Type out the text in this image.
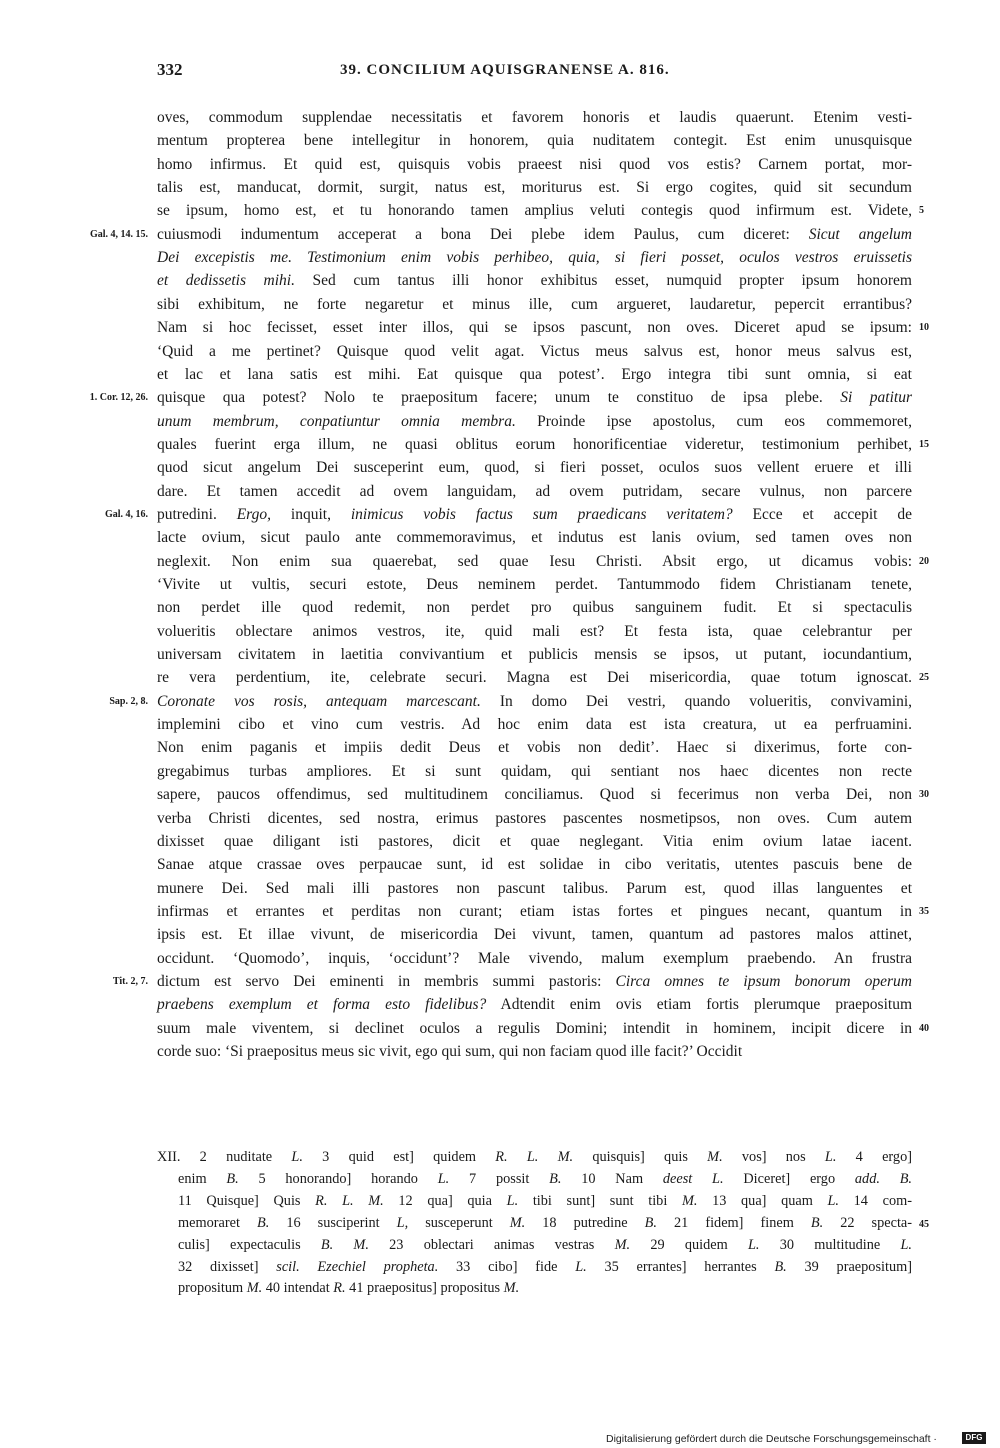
332	39. CONCILIUM AQUISGRANENSE A. 816.
oves, commodum supplendae necessitatis et favorem honoris et laudis quaerunt. Etenim vesti-
mentum propterea bene intellegitur in honorem, quia nuditatem contegit. Est enim unusquisque
homo infirmus. Et quid est, quisquis vobis praeest nisi quod vos estis? Carnem portat, mor-
talis est, manducat, dormit, surgit, natus est, moriturus est. Si ergo cogites, quid sit secundum
se ipsum, homo est, et tu honorando tamen amplius veluti contegis quod infirmum est. Videte, 5
cuiusmodi indumentum acceperat a bona Dei plebe idem Paulus, cum diceret: Sicut angelum
Gal. 4, 14. 15.
Dei excepistis me. Testimonium enim vobis perhibeo, quia, si fieri posset, oculos vestros eruissetis
et dedissetis mihi. Sed cum tantus illi honor exhibitus esset, numquid propter ipsum honorem
sibi exhibitum, ne forte negaretur et minus ille, cum argueret, laudaretur, pepercit errantibus?
Nam si hoc fecisset, esset inter illos, qui se ipsos pascunt, non oves. Diceret apud se ipsum: 10
‘Quid a me pertinet? Quisque quod velit agat. Victus meus salvus est, honor meus salvus est,
et lac et lana satis est mihi. Eat quisque qua potest’. Ergo integra tibi sunt omnia, si eat
quisque qua potest? Nolo te praepositum facere; unum te constituo de ipsa plebe. Si patitur
1. Cor. 12, 26.
unum membrum, conpatiuntur omnia membra. Proinde ipse apostolus, cum eos commemoret,
quales fuerint erga illum, ne quasi oblitus eorum honorificentiae videretur, testimonium perhibet, 15
quod sicut angelum Dei susceperint eum, quod, si fieri posset, oculos suos vellent eruere et illi
dare. Et tamen accedit ad ovem languidam, ad ovem putridam, secare vulnus, non parcere
putredini. Ergo, inquit, inimicus vobis factus sum praedicans veritatem? Ecce et accepit de
Gal. 4, 16.
lacte ovium, sicut paulo ante commemoravimus, et indutus est lanis ovium, sed tamen oves non
neglexit. Non enim sua quaerebat, sed quae Iesu Christi. Absit ergo, ut dicamus vobis: 20
‘Vivite ut vultis, securi estote, Deus neminem perdet. Tantummodo fidem Christianam tenete,
non perdet ille quod redemit, non perdet pro quibus sanguinem fudit. Et si spectaculis
volueritis oblectare animos vestros, ite, quid mali est? Et festa ista, quae celebrantur per
universam civitatem in laetitia convivantium et publicis mensis se ipsos, ut putant, iocundantium,
re vera perdentium, ite, celebrate securi. Magna est Dei misericordia, quae totum ignoscat. 25
Coronate vos rosis, antequam marcescant. In domo Dei vestri, quando volueritis, convivamini,
Sap. 2, 8.
implemini cibo et vino cum vestris. Ad hoc enim data est ista creatura, ut ea perfruamini.
Non enim paganis et impiis dedit Deus et vobis non dedit’. Haec si dixerimus, forte con-
gregabimus turbas ampliores. Et si sunt quidam, qui sentiant nos haec dicentes non recte
sapere, paucos offendimus, sed multitudinem conciliamus. Quod si fecerimus non verba Dei, non 30
verba Christi dicentes, sed nostra, erimus pastores pascentes nosmetipsos, non oves. Cum autem
dixisset quae diligant isti pastores, dicit et quae neglegant. Vitia enim ovium latae iacent.
Sanae atque crassae oves perpaucae sunt, id est solidae in cibo veritatis, utentes pascuis bene de
munere Dei. Sed mali illi pastores non pascunt talibus. Parum est, quod illas languentes et
infirmas et errantes et perditas non curant; etiam istas fortes et pingues necant, quantum in 35
ipsis est. Et illae vivunt, de misericordia Dei vivunt, tamen, quantum ad pastores malos attinet,
occidunt. ‘Quomodo’, inquis, ‘occidunt’? Male vivendo, malum exemplum praebendo. An frustra
dictum est servo Dei eminenti in membris summi pastoris: Circa omnes te ipsum bonorum operum
Tit. 2, 7.
praebens exemplum et forma esto fidelibus? Adtendit enim ovis etiam fortis plerumque praepositum
suum male viventem, si declinet oculos a regulis Domini; intendit in hominem, incipit dicere in 40
corde suo: ‘Si praepositus meus sic vivit, ego qui sum, qui non faciam quod ille facit?’ Occidit
XII. 2 nuditate L. 3 quid est] quidem R. L. M. quisquis] quis M. vos] nos L. 4 ergo]
enim B. 5 honorando] horando L. 7 possit B. 10 Nam deest L. Diceret] ergo add. B.
11 Quisque] Quis R. L. M. 12 qua] quia L. tibi sunt] sunt tibi M. 13 qua] quam L. 14 com-
memoraret B. 16 susciperint L, susceperunt M. 18 putredine B. 21 fidem] finem B. 22 specta- 45
culis] expectaculis B. M. 23 oblectari animas vestras M. 29 quidem L. 30 multitudine L.
32 dixisset] scil. Ezechiel propheta. 33 cibo] fide L. 35 errantes] herrantes B. 39 praepositum]
propositum M. 40 intendat R. 41 praepositus] propositus M.
Digitalisierung gefördert durch die Deutsche Forschungsgemeinschaft ·	DFG
